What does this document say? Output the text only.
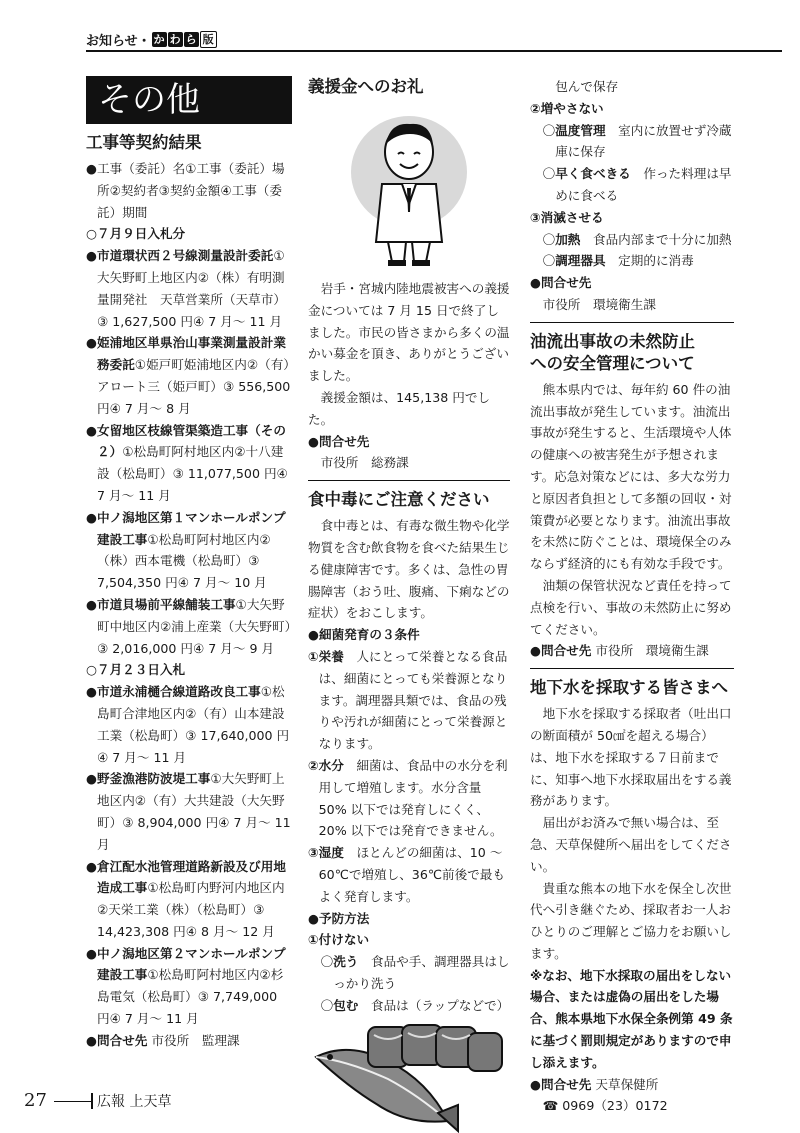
お知らせ・ か わ ら 版
その他
工事等契約結果
● 工事（委託）名①工事（委託）場所②契約者③契約金額④工事（委託）期間
○７月９日入札分
● 市道環状西２号線測量設計委託①大矢野町上地区内②（株）有明測量開発社　天草営業所（天草市）③ 1,627,500 円④ 7 月～ 11 月
● 姫浦地区単県治山事業測量設計業務委託①姫戸町姫浦地区内②（有）アロート三（姫戸町）③ 556,500 円④ 7 月～ 8 月
● 女留地区枝線管渠築造工事（その２）①松島町阿村地区内②十八建設（松島町）③ 11,077,500 円④ 7 月～ 11 月
● 中ノ潟地区第１マンホールポンプ建設工事①松島町阿村地区内②（株）西本電機（松島町）③ 7,504,350 円④ 7 月～ 10 月
● 市道貝場前平線舗装工事①大矢野町中地区内②浦上産業（大矢野町）③ 2,016,000 円④ 7 月～ 9 月
○７月２３日入札
● 市道永浦樋合線道路改良工事①松島町合津地区内②（有）山本建設工業（松島町）③ 17,640,000 円④ 7 月～ 11 月
● 野釜漁港防波堤工事①大矢野町上地区内②（有）大共建設（大矢野町）③ 8,904,000 円④ 7 月～ 11 月
● 倉江配水池管理道路新設及び用地造成工事①松島町内野河内地区内②天栄工業（株）（松島町）③ 14,423,308 円④ 8 月～ 12 月
● 中ノ潟地区第２マンホールポンプ建設工事①松島町阿村地区内②杉島電気（松島町）③ 7,749,000 円④ 7 月～ 11 月
●問合せ先 市役所　監理課
義援金へのお礼

岩手・宮城内陸地震被害への義援金については 7 月 15 日で終了しました。市民の皆さまから多くの温かい募金を頂き、ありがとうございました。

義援金額は、145,138 円でした。

●問合せ先
市役所　総務課
食中毒にご注意ください

食中毒とは、有毒な微生物や化学物質を含む飲食物を食べた結果生じる健康障害です。多くは、急性の胃腸障害（おう吐、腹痛、下痢などの症状）をおこします。

●細菌発育の３条件
① 栄養　 人にとって栄養となる食品は、細菌にとっても栄養源となります。調理器具類では、食品の残りや汚れが細菌にとって栄養源となります。
② 水分　 細菌は、食品中の水分を利用して増殖します。水分含量 50% 以下では発育しにくく、20% 以下では発育できません。
③ 湿度　 ほとんどの細菌は、10 ～ 60℃で増殖し、36℃前後で最もよく発育します。
●予防方法
①付けない
〇 洗う　 食品や手、調理器具はしっかり洗う
〇 包む　 食品は（ラップなどで）
包んで保存
②増やさない
〇 温度管理　 室内に放置せず冷蔵庫に保存
〇 早く食べきる　 作った料理は早めに食べる
③消滅させる
〇 加熱　 食品内部まで十分に加熱
〇 調理器具　 定期的に消毒
●問合せ先
市役所　環境衛生課
油流出事故の未然防止
への安全管理について

熊本県内では、毎年約 60 件の油流出事故が発生しています。油流出事故が発生すると、生活環境や人体の健康への被害発生が予想されます。応急対策などには、多大な労力と原因者負担として多額の回収・対策費が必要となります。油流出事故を未然に防ぐことは、環境保全のみならず経済的にも有効な手段です。

油類の保管状況など責任を持って点検を行い、事故の未然防止に努めてください。

●問合せ先 市役所　環境衛生課
地下水を採取する皆さまへ

地下水を採取する採取者（吐出口の断面積が 50㎠を超える場合）は、地下水を採取する７日前までに、知事へ地下水採取届出をする義務があります。

届出がお済みで無い場合は、至急、天草保健所へ届出をしてください。

貴重な熊本の地下水を保全し次世代へ引き継ぐため、採取者お一人おひとりのご理解とご協力をお願いします。

※なお、地下水採取の届出をしない場合、または虚偽の届出をした場合、熊本県地下水保全条例第 49 条に基づく罰則規定がありますので申し添えます。
●問合せ先 天草保健所
☎ 0969（23）0172
27	広報 上天草
